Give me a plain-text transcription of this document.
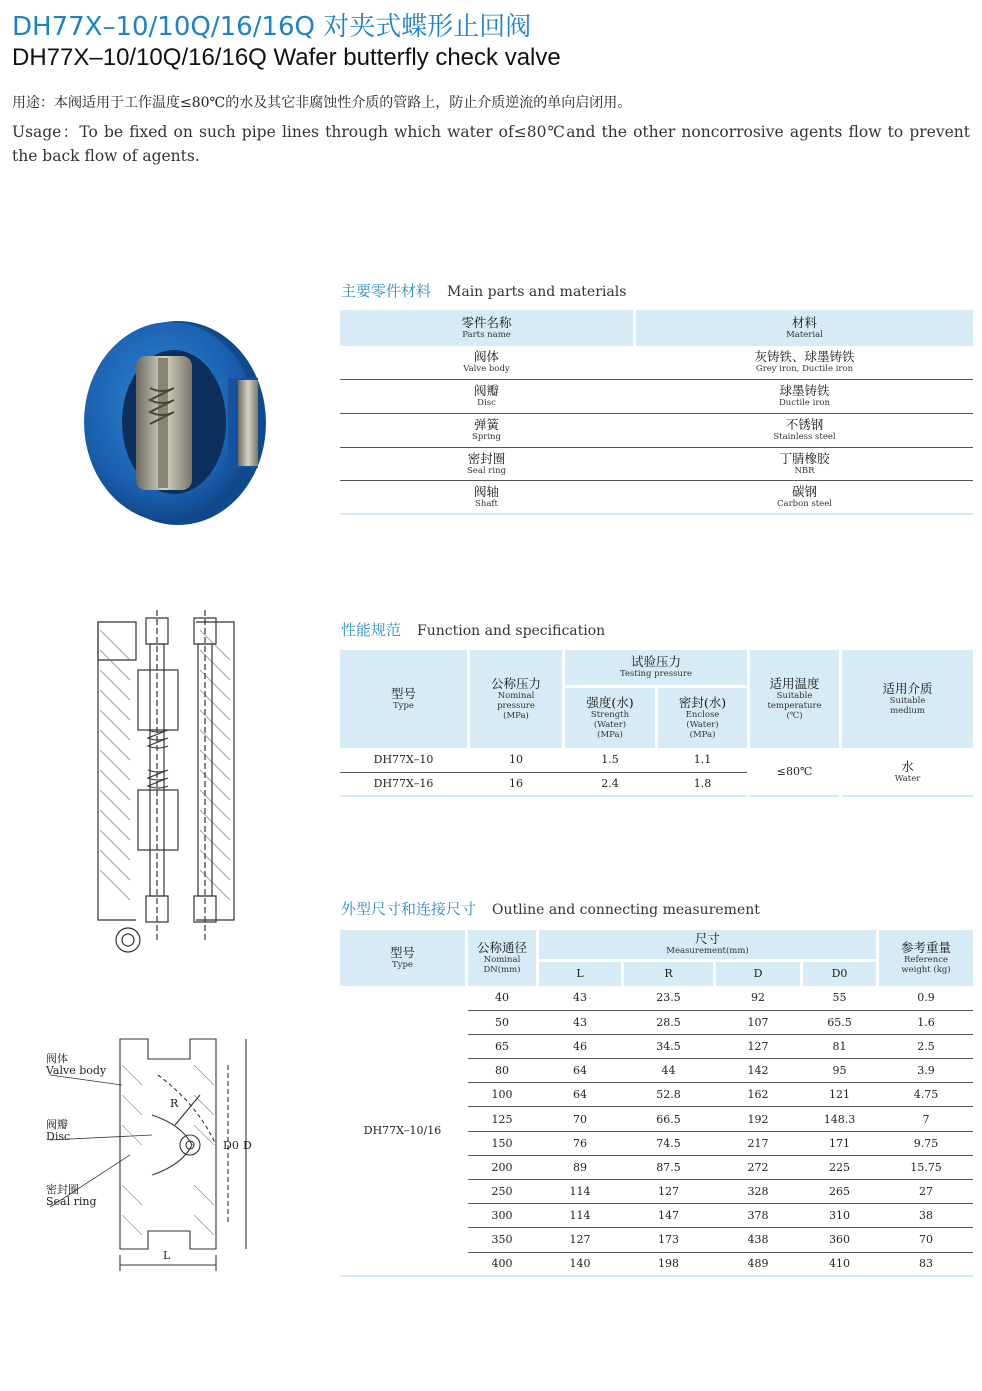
DH77X–10/10Q/16/16Q 对夹式蝶形止回阀
DH77X–10/10Q/16/16Q Wafer butterfly check valve
用途：本阀适用于工作温度≤80℃的水及其它非腐蚀性介质的管路上，防止介质逆流的单向启闭用。
Usage：To be fixed on such pipe lines through which water of≤80℃and the other noncorrosive agents flow to prevent the back flow of agents.
主要零件材料 Main parts and materials
零件名称
Parts name		材料
Material

阀体
Valve body		灰铸铁、球墨铸铁
Grey iron, Ductile iron

阀瓣
Disc		球墨铸铁
Ductile iron

弹簧
Spring		不锈钢
Stainless steel

密封圈
Seal ring		丁腈橡胶
NBR

阀轴
Shaft		碳钢
Carbon steel
性能规范 Function and specification
型号
Type		公称压力
Nominal
pressure
(MPa)		试验压力
Testing pressure				适用温度
Suitable
temperature
(℃)		适用介质
Suitable
medium

				强度(水)
Strength
(Water)
(MPa)		密封(水)
Enclose
(Water)
(MPa)				

DH77X–10		10		1.5		1.1		≤80℃		水
Water

DH77X–16		16		2.4		1.8				
外型尺寸和连接尺寸 Outline and connecting measurement
型号
Type		公称通径
Nominal
DN(mm)		尺寸
Measurement(mm)								参考重量
Reference
weight (kg)

				L		R		D		D0		
DH77X–10/16		40		43		23.5		92		55		0.9
		50		43		28.5		107		65.5		1.6
		65		46		34.5		127		81		2.5
		80		64		44		142		95		3.9
		100		64		52.8		162		121		4.75
		125		70		66.5		192		148.3		7
		150		76		74.5		217		171		9.75
		200		89		87.5		272		225		15.75
		250		114		127		328		265		27
		300		114		147		378		310		38
		350		127		173		438		360		70
		400		140		198		489		410		83
阀体
Valve body
阀瓣
Disc
密封圈
Seal ring
R
D0 D
L
